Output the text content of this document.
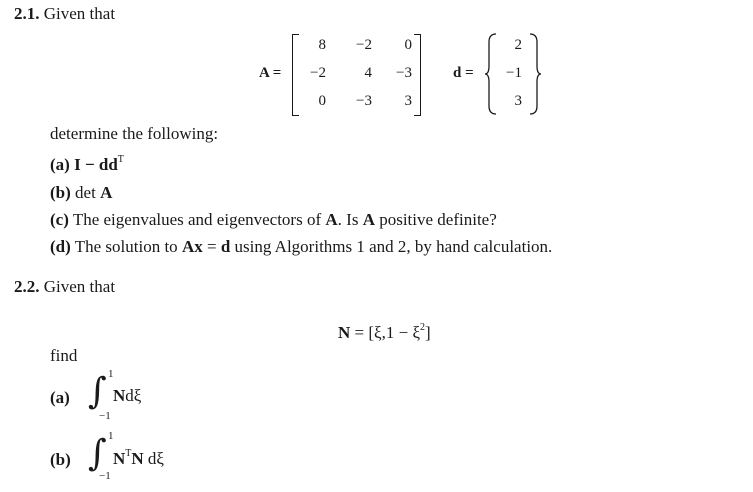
2.1. Given that
A =
8	−2	0
−2	4	−3
0	−3	3
d =
2
−1
3
determine the following:
(a) $I - dd^T$
(b) det A
(c) The eigenvalues and eigenvectors of A. Is A positive definite?
(d) The solution to Ax = d using Algorithms 1 and 2, by hand calculation.
2.2. Given that
$N = [\xi,1 - \xi^2]$
find
(a) ∫ 1
−1
Ndξ
(b) ∫ 1
−1
$N^TN$ dξ
